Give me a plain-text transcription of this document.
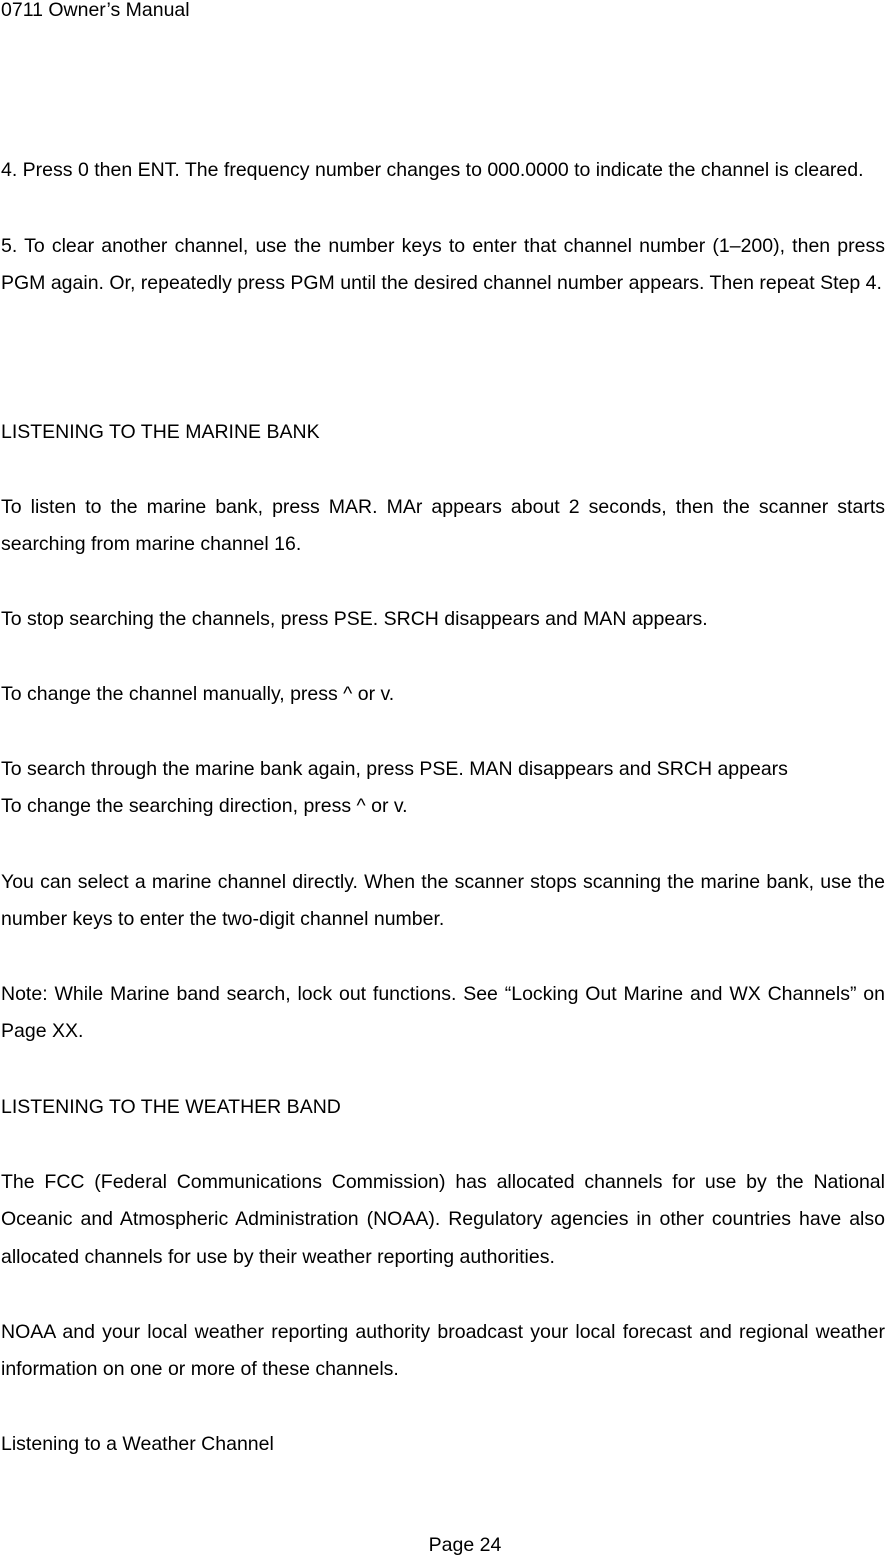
0711 Owner’s Manual

4. Press 0 then ENT. The frequency number changes to 000.0000 to indicate the channel is cleared.

5. To clear another channel, use the number keys to enter that channel number (1–200), then press PGM again. Or, repeatedly press PGM until the desired channel number appears. Then repeat Step 4.

LISTENING TO THE MARINE BANK

To listen to the marine bank, press MAR. MAr appears about 2 seconds, then the scanner starts searching from marine channel 16.

To stop searching the channels, press PSE. SRCH disappears and MAN appears.

To change the channel manually, press ^ or v.

To search through the marine bank again, press PSE. MAN disappears and SRCH appears

To change the searching direction, press ^ or v.

You can select a marine channel directly. When the scanner stops scanning the marine bank, use the number keys to enter the two-digit channel number.

Note: While Marine band search, lock out functions. See “Locking Out Marine and WX Channels” on Page XX.

LISTENING TO THE WEATHER BAND

The FCC (Federal Communications Commission) has allocated channels for use by the National Oceanic and Atmospheric Administration (NOAA). Regulatory agencies in other countries have also allocated channels for use by their weather reporting authorities.

NOAA and your local weather reporting authority broadcast your local forecast and regional weather information on one or more of these channels.

Listening to a Weather Channel

Page 24
